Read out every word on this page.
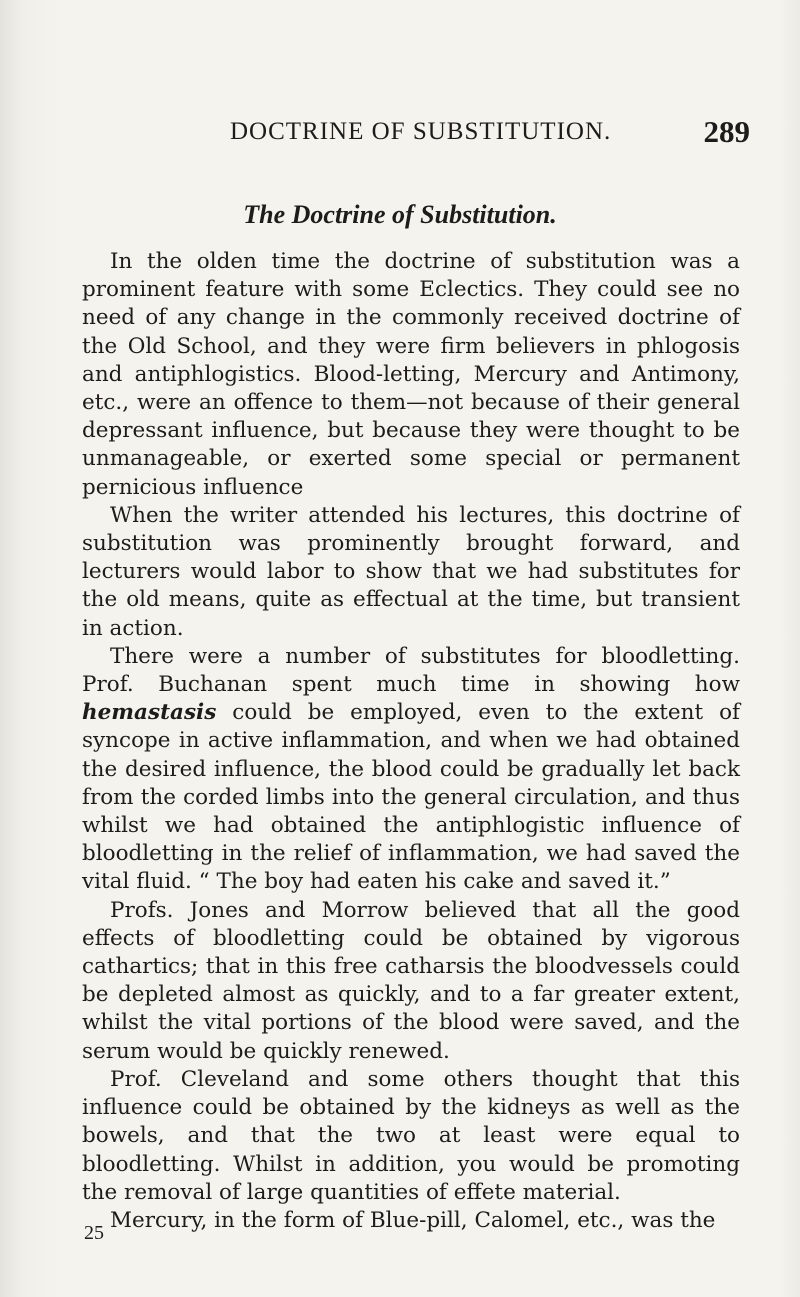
DOCTRINE OF SUBSTITUTION.	289
The Doctrine of Substitution.

In the olden time the doctrine of substitution was a prominent feature with some Eclectics. They could see no need of any change in the commonly received doctrine of the Old School, and they were firm believers in phlogosis and antiphlogistics. Blood-letting, Mercury and Antimony, etc., were an offence to them—not because of their general depressant influence, but because they were thought to be unmanageable, or exerted some special or permanent pernicious influence

When the writer attended his lectures, this doctrine of substitution was prominently brought forward, and lecturers would labor to show that we had substitutes for the old means, quite as effectual at the time, but transient in action.

There were a number of substitutes for bloodletting. Prof. Buchanan spent much time in showing how hemastasis could be employed, even to the extent of syncope in active inflammation, and when we had obtained the desired influence, the blood could be gradually let back from the corded limbs into the general circulation, and thus whilst we had obtained the antiphlogistic influence of bloodletting in the relief of inflammation, we had saved the vital fluid. “ The boy had eaten his cake and saved it.”

Profs. Jones and Morrow believed that all the good effects of bloodletting could be obtained by vigorous cathartics; that in this free catharsis the bloodvessels could be depleted almost as quickly, and to a far greater extent, whilst the vital portions of the blood were saved, and the serum would be quickly renewed.

Prof. Cleveland and some others thought that this influence could be obtained by the kidneys as well as the bowels, and that the two at least were equal to bloodletting. Whilst in addition, you would be promoting the removal of large quantities of effete material.

Mercury, in the form of Blue-pill, Calomel, etc., was the

25
